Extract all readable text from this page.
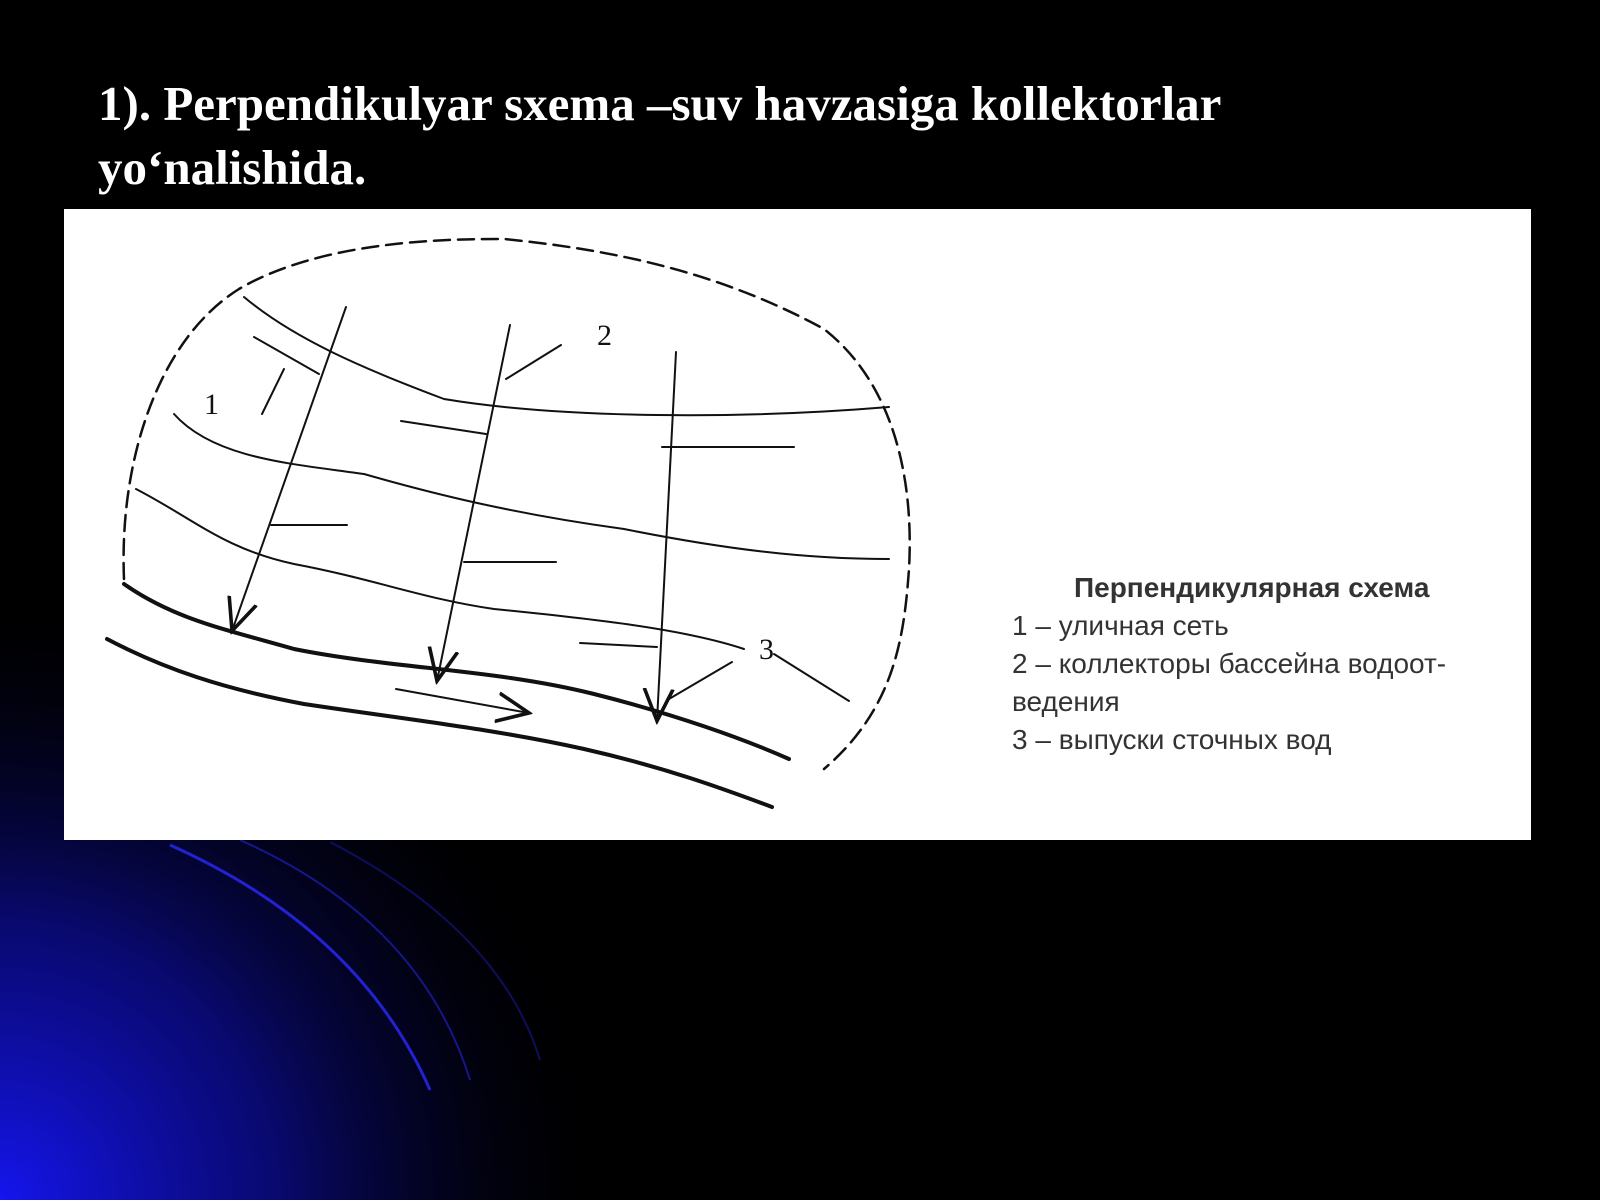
1). Perpendikulyar sxema –suv havzasiga kollektorlar
yo‘nalishida.
1
2
3
Перпендикулярная схема
1 – уличная сеть
2 – коллекторы бассейна водоот-
ведения
3 – выпуски сточных вод
